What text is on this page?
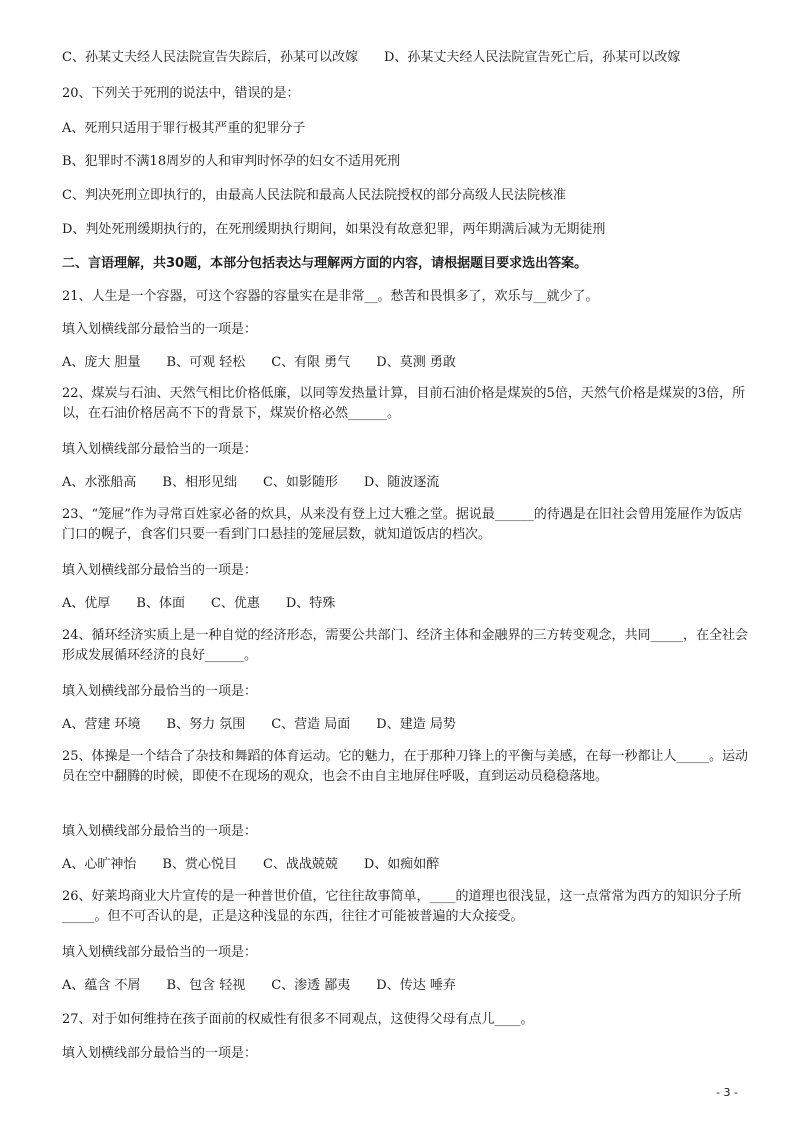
C、孙某丈夫经人民法院宣告失踪后，孙某可以改嫁　　D、孙某丈夫经人民法院宣告死亡后，孙某可以改嫁
20、下列关于死刑的说法中，错误的是：
A、死刑只适用于罪行极其严重的犯罪分子
B、犯罪时不满18周岁的人和审判时怀孕的妇女不适用死刑
C、判决死刑立即执行的，由最高人民法院和最高人民法院授权的部分高级人民法院核准
D、判处死刑缓期执行的，在死刑缓期执行期间，如果没有故意犯罪，两年期满后减为无期徒刑
二、言语理解，共30题，本部分包括表达与理解两方面的内容，请根据题目要求选出答案。
21、人生是一个容器，可这个容器的容量实在是非常__。愁苦和畏惧多了，欢乐与__就少了。
填入划横线部分最恰当的一项是：
A、庞大 胆量　　B、可观 轻松　　C、有限 勇气　　D、莫测 勇敢
22、煤炭与石油、天然气相比价格低廉，以同等发热量计算，目前石油价格是煤炭的5倍，天然气价格是煤炭的3倍，所以，在石油价格居高不下的背景下，煤炭价格必然______。
填入划横线部分最恰当的一项是：
A、水涨船高　　B、相形见绌　　C、如影随形　　D、随波逐流
23、“笼屉”作为寻常百姓家必备的炊具，从来没有登上过大雅之堂。据说最______的待遇是在旧社会曾用笼屉作为饭店门口的幌子，食客们只要一看到门口悬挂的笼屉层数，就知道饭店的档次。
填入划横线部分最恰当的一项是：
A、优厚　　B、体面　　C、优惠　　D、特殊
24、循环经济实质上是一种自觉的经济形态，需要公共部门、经济主体和金融界的三方转变观念，共同_____，在全社会形成发展循环经济的良好______。
填入划横线部分最恰当的一项是：
A、营建 环境　　B、努力 氛围　　C、营造 局面　　D、建造 局势
25、体操是一个结合了杂技和舞蹈的体育运动。它的魅力，在于那种刀锋上的平衡与美感，在每一秒都让人_____。运动员在空中翻腾的时候，即使不在现场的观众，也会不由自主地屏住呼吸，直到运动员稳稳落地。
填入划横线部分最恰当的一项是：
A、心旷神怡　　B、赏心悦目　　C、战战兢兢　　D、如痴如醉
26、好莱坞商业大片宣传的是一种普世价值，它往往故事简单，____的道理也很浅显，这一点常常为西方的知识分子所_____。但不可否认的是，正是这种浅显的东西，往往才可能被普遍的大众接受。
填入划横线部分最恰当的一项是：
A、蕴含 不屑　　B、包含 轻视　　C、渗透 鄙夷　　D、传达 唾弃
27、对于如何维持在孩子面前的权威性有很多不同观点，这使得父母有点儿____。
填入划横线部分最恰当的一项是：
- 3 -
